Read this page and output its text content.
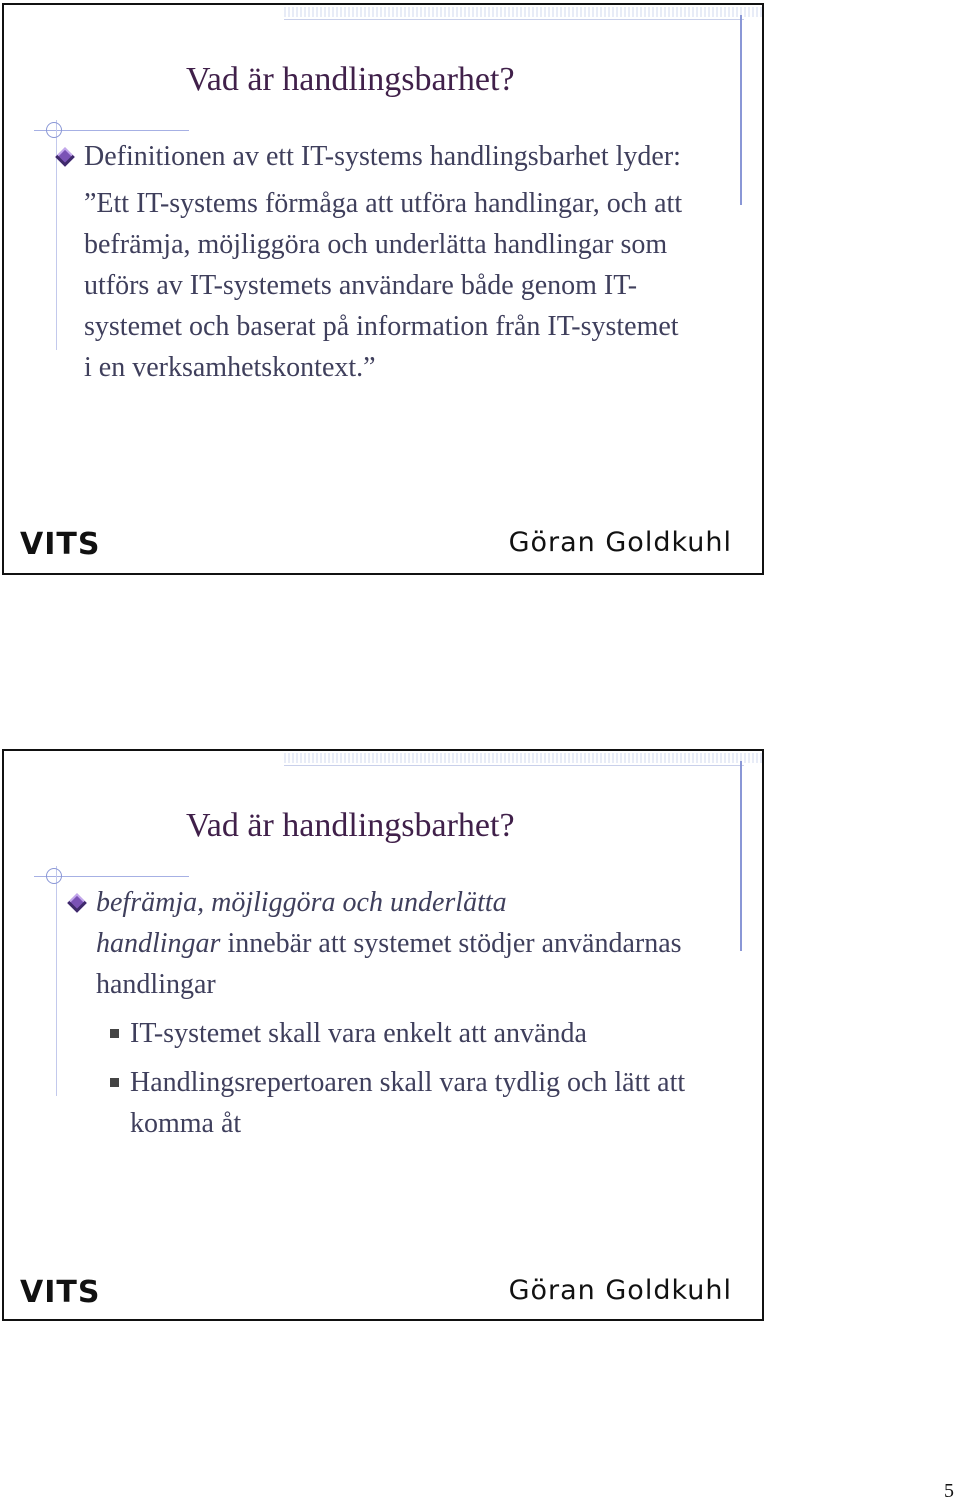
Vad är handlingsbarhet?
Definitionen av ett IT-systems handlingsbarhet lyder:
”Ett IT-systems förmåga att utföra handlingar, och att befrämja, möjliggöra och underlätta handlingar som utförs av IT-systemets användare både genom IT-systemet och baserat på information från IT-systemet i en verksamhetskontext.”
VITS	Göran Goldkuhl
Vad är handlingsbarhet?
befrämja, möjliggöra och underlätta
handlingar innebär att systemet stödjer användarnas handlingar
IT-systemet skall vara enkelt att använda
Handlingsrepertoaren skall vara tydlig och lätt att komma åt
VITS	Göran Goldkuhl
5
